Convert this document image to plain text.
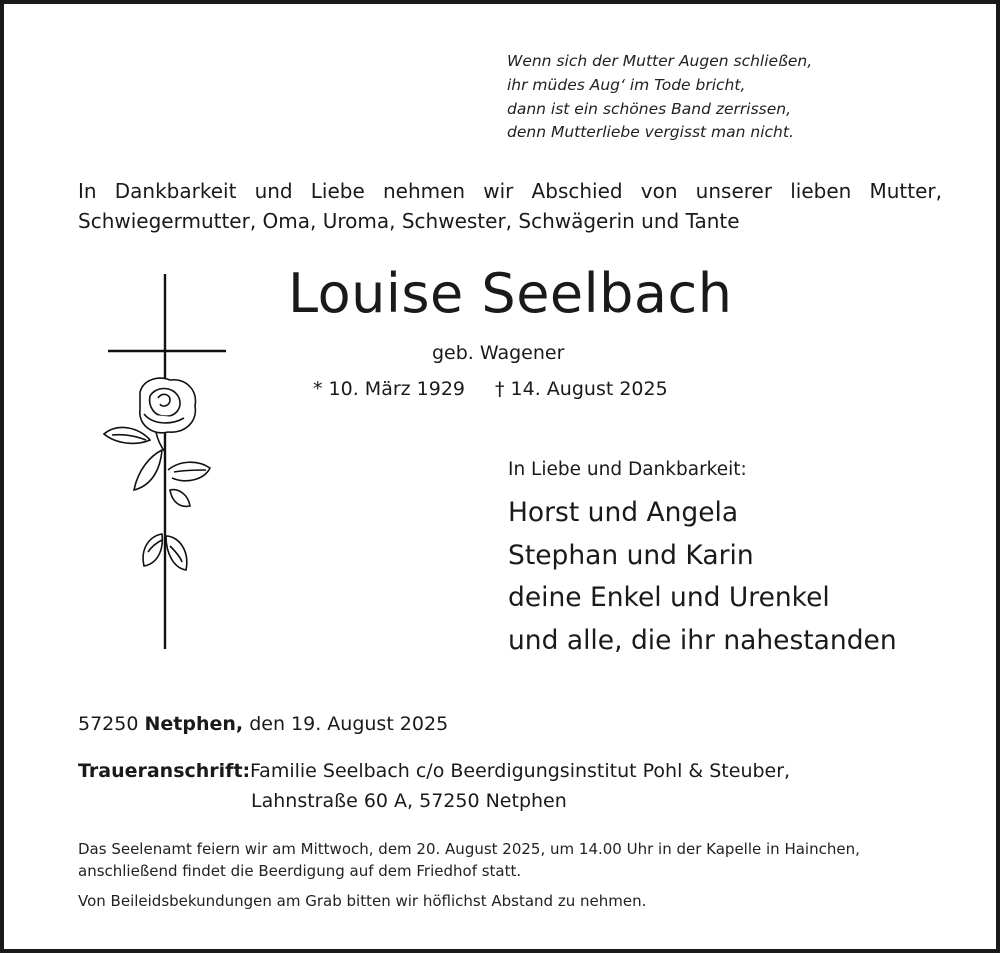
Wenn sich der Mutter Augen schließen,
ihr müdes Aug‘ im Tode bricht,
dann ist ein schönes Band zerrissen,
denn Mutterliebe vergisst man nicht.
In Dankbarkeit und Liebe nehmen wir Abschied von unserer lieben Mutter,
Schwiegermutter, Oma, Uroma, Schwester, Schwägerin und Tante
Louise Seelbach
geb. Wagener
* 10. März 1929 † 14. August 2025
In Liebe und Dankbarkeit:
Horst und Angela
Stephan und Karin
deine Enkel und Urenkel
und alle, die ihr nahestanden
57250 Netphen, den 19. August 2025
Traueranschrift:Familie Seelbach c/o Beerdigungsinstitut Pohl & Steuber,
Lahnstraße 60 A, 57250 Netphen
Das Seelenamt feiern wir am Mittwoch, dem 20. August 2025, um 14.00 Uhr in der Kapelle in Hainchen,
anschließend findet die Beerdigung auf dem Friedhof statt.
Von Beileidsbekundungen am Grab bitten wir höflichst Abstand zu nehmen.
